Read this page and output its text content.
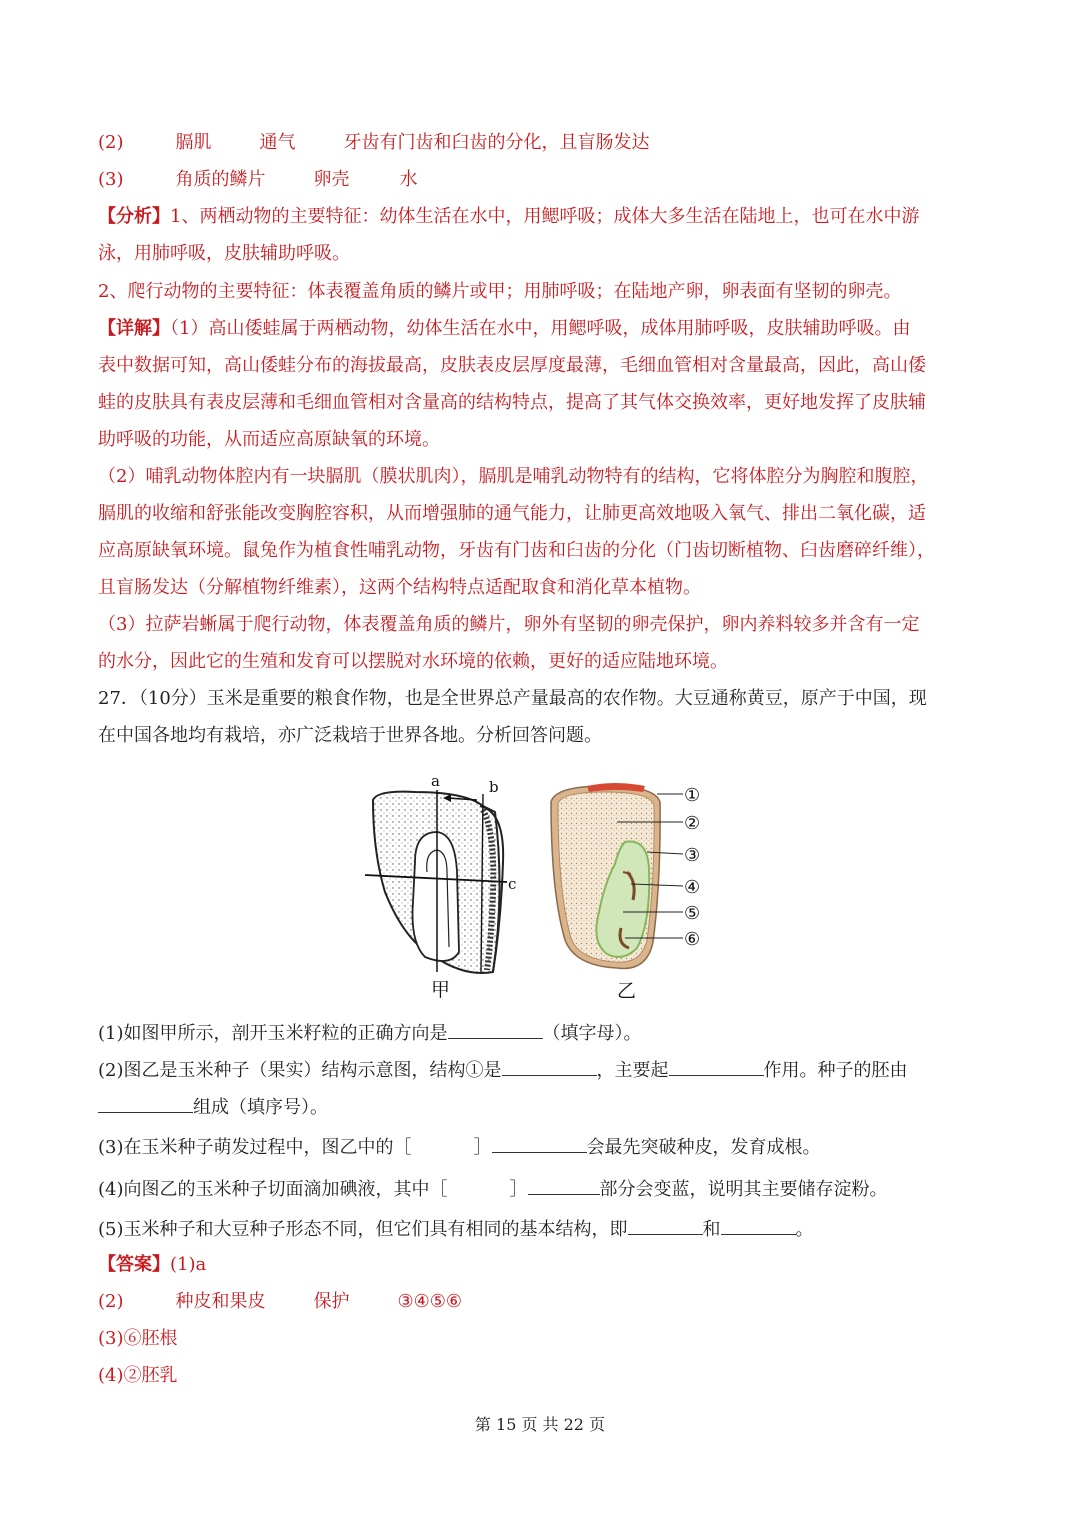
(2)	膈肌	通气	牙齿有门齿和臼齿的分化，且盲肠发达
(3)	角质的鳞片	卵壳	水
【分析】1、两栖动物的主要特征：幼体生活在水中，用鳃呼吸；成体大多生活在陆地上，也可在水中游
泳，用肺呼吸，皮肤辅助呼吸。
2、爬行动物的主要特征：体表覆盖角质的鳞片或甲；用肺呼吸；在陆地产卵，卵表面有坚韧的卵壳。
【详解】（1）高山倭蛙属于两栖动物，幼体生活在水中，用鳃呼吸，成体用肺呼吸，皮肤辅助呼吸。由
表中数据可知，高山倭蛙分布的海拔最高，皮肤表皮层厚度最薄，毛细血管相对含量最高，因此，高山倭
蛙的皮肤具有表皮层薄和毛细血管相对含量高的结构特点，提高了其气体交换效率，更好地发挥了皮肤辅
助呼吸的功能，从而适应高原缺氧的环境。
（2）哺乳动物体腔内有一块膈肌（膜状肌肉），膈肌是哺乳动物特有的结构，它将体腔分为胸腔和腹腔，
膈肌的收缩和舒张能改变胸腔容积，从而增强肺的通气能力，让肺更高效地吸入氧气、排出二氧化碳，适
应高原缺氧环境。鼠兔作为植食性哺乳动物，牙齿有门齿和臼齿的分化（门齿切断植物、臼齿磨碎纤维），
且盲肠发达（分解植物纤维素），这两个结构特点适配取食和消化草本植物。
（3）拉萨岩蜥属于爬行动物，体表覆盖角质的鳞片，卵外有坚韧的卵壳保护，卵内养料较多并含有一定
的水分，因此它的生殖和发育可以摆脱对水环境的依赖，更好的适应陆地环境。
27．（10分）玉米是重要的粮食作物，也是全世界总产量最高的农作物。大豆通称黄豆，原产于中国，现
在中国各地均有栽培，亦广泛栽培于世界各地。分析回答问题。
a	b
c
甲
①
②
③
④
⑤
⑥
乙
(1)如图甲所示，剖开玉米籽粒的正确方向是	（填字母）。
(2)图乙是玉米种子（果实）结构示意图，结构①是	，主要起	作用。种子的胚由
组成（填序号）。
(3)在玉米种子萌发过程中，图乙中的［	］	会最先突破种皮，发育成根。
(4)向图乙的玉米种子切面滴加碘液，其中［	］	部分会变蓝，说明其主要储存淀粉。
(5)玉米种子和大豆种子形态不同，但它们具有相同的基本结构，即	和	。
【答案】(1)a
(2)	种皮和果皮	保护	③④⑤⑥
(3)⑥胚根
(4)②胚乳
第 15 页 共 22 页
